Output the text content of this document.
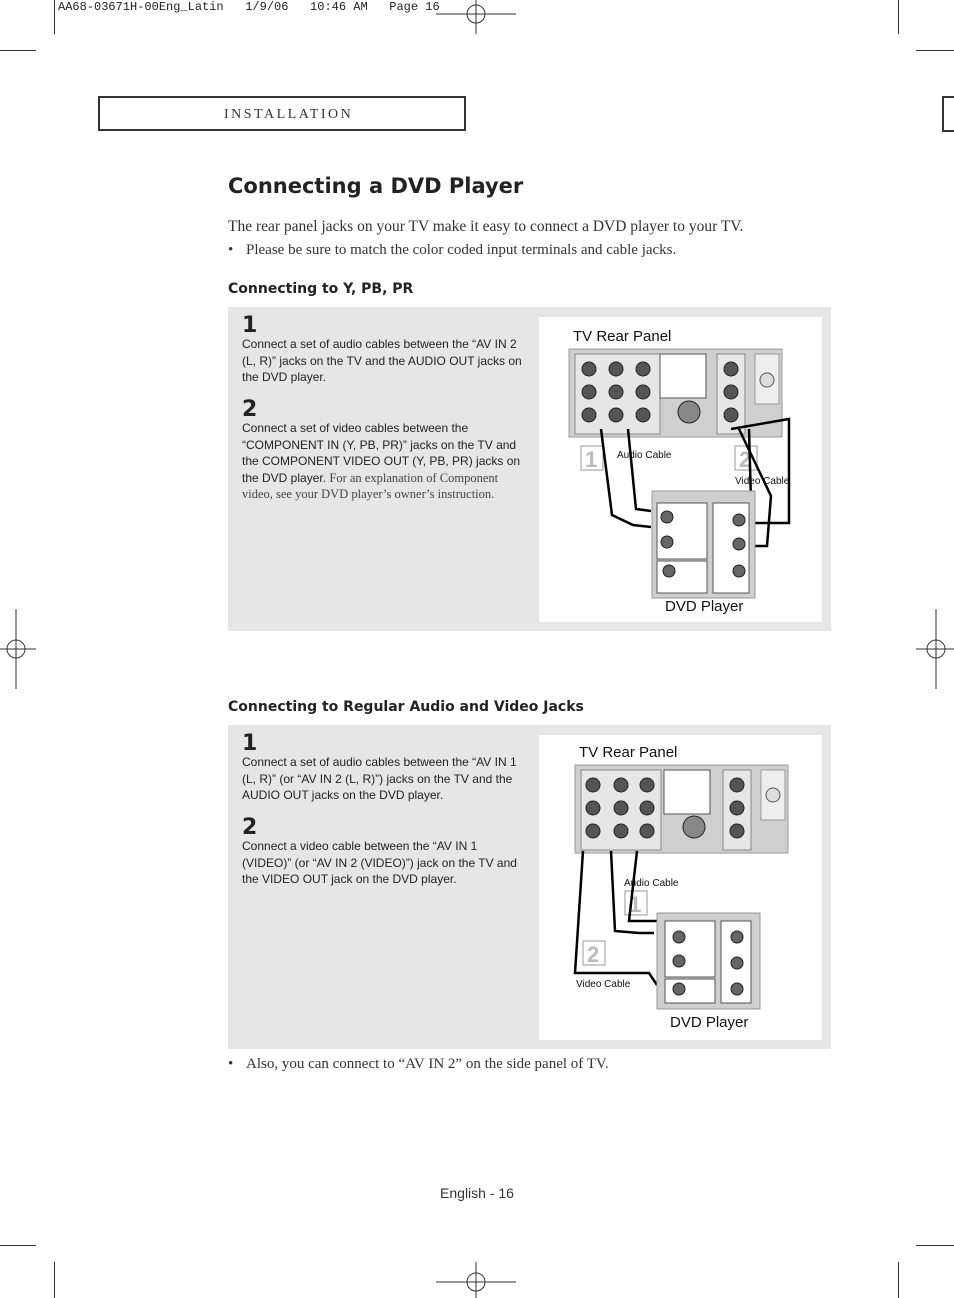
AA68-03671H-00Eng_Latin   1/9/06   10:46 AM   Page 16
INSTALLATION
Connecting a DVD Player
The rear panel jacks on your TV make it easy to connect a DVD player to your TV.
• Please be sure to match the color coded input terminals and cable jacks.
Connecting to Y, PB, PR
1
Connect a set of audio cables between the “AV IN 2 (L, R)” jacks on the TV and the AUDIO OUT jacks on the DVD player.
2
Connect a set of video cables between the “COMPONENT IN (Y, PB, PR)” jacks on the TV and the COMPONENT VIDEO OUT (Y, PB, PR) jacks on the DVD player. For an explanation of Component video, see your DVD player’s owner’s instruction.
TV Rear Panel
1	2
Audio Cable
Video Cable
DVD Player
Connecting to Regular Audio and Video Jacks
1
Connect a set of audio cables between the “AV IN 1 (L, R)” (or “AV IN 2 (L, R)”) jacks on the TV and the AUDIO OUT jacks on the DVD player.
2
Connect a video cable between the “AV IN 1 (VIDEO)” (or “AV IN 2 (VIDEO)”) jack on the TV and the VIDEO OUT jack on the DVD player.
TV Rear Panel
Audio Cable
1
2
Video Cable
DVD Player
• Also, you can connect to “AV IN 2” on the side panel of TV.
English - 16
